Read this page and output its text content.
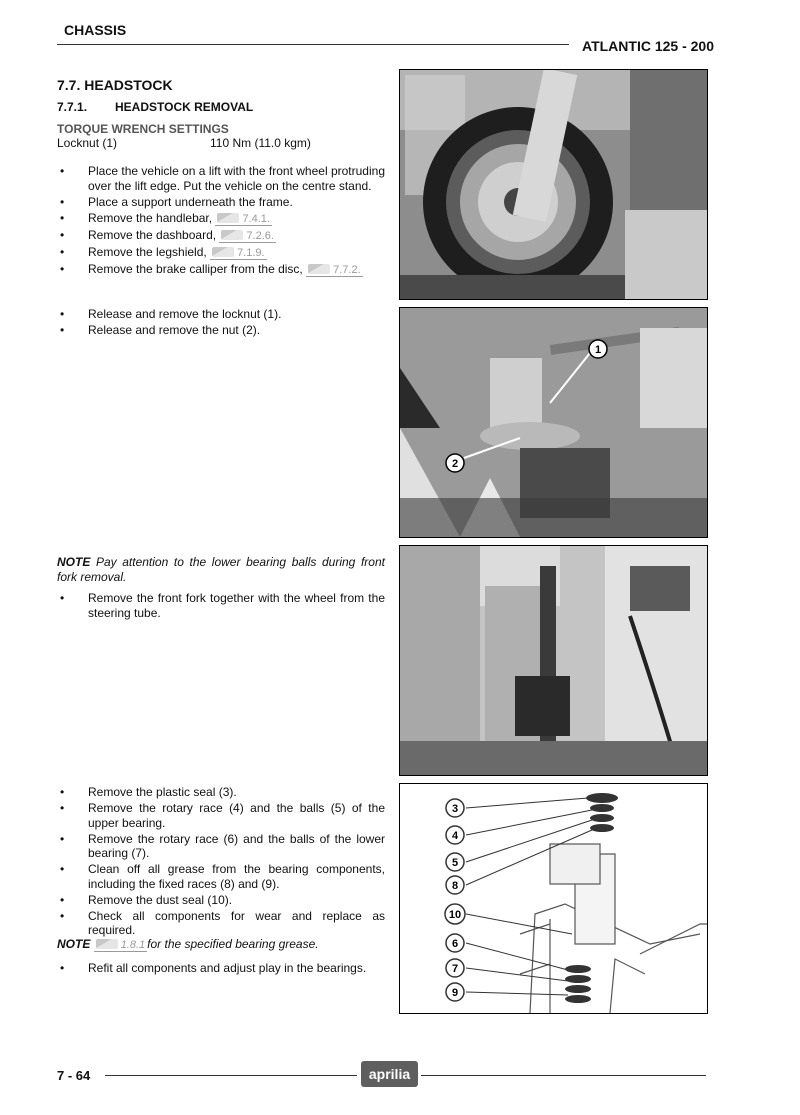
CHASSIS
ATLANTIC 125 - 200
7.7. HEADSTOCK
7.7.1. HEADSTOCK REMOVAL
TORQUE WRENCH SETTINGS
Locknut (1)	110 Nm (11.0 kgm)
• Place the vehicle on a lift with the front wheel protruding over the lift edge. Put the vehicle on the centre stand.
• Place a support underneath the frame.
• Remove the handlebar,	7.4.1.
• Remove the dashboard,	7.2.6.
• Remove the legshield,	7.1.9.
• Remove the brake calliper from the disc,	7.7.2.
• Release and remove the locknut (1).
• Release and remove the nut (2).
NOTE Pay attention to the lower bearing balls during front fork removal.
• Remove the front fork together with the wheel from the steering tube.
• Remove the plastic seal (3).
• Remove the rotary race (4) and the balls (5) of the upper bearing.
• Remove the rotary race (6) and the balls of the lower bearing (7).
• Clean off all grease from the bearing components, including the fixed races (8) and (9).
• Remove the dust seal (10).
• Check all components for wear and replace as required.
NOTE	1.8.1 for the specified bearing grease.
• Refit all components and adjust play in the bearings.
1
2
3
4
5
8
10
6
7
9
7 - 64	aprilia
